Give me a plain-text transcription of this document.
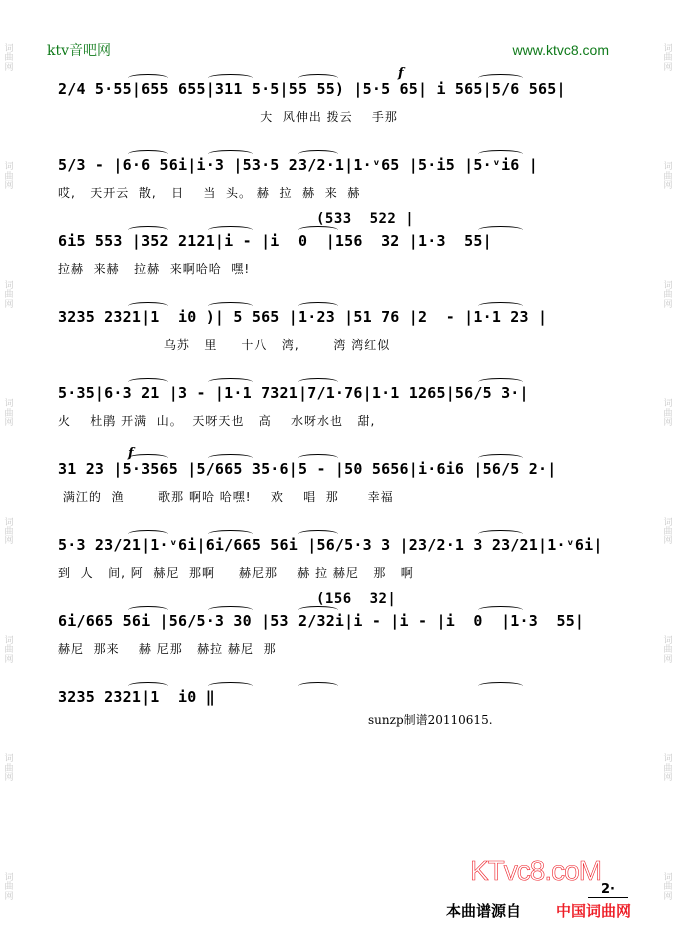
词
曲
网
词
曲
网
词
曲
网
词
曲
网
词
曲
网
词
曲
网
词
曲
网
词
曲
网
词
曲
网
词
曲
网
词
曲
网
词
曲
网
词
曲
网
词
曲
网
词
曲
网
词
曲
网
ktv音吧网	www.ktvc8.com
f
2/4 5·55|655 655|311 5·5|55 55) |5·5 65| i 565|5/6 565|
大  风伸出 拨云    手那
5/3 - |6·6 56i|i·3 |53·5 23/2·1|1·ᵛ65 |5·i5 |5·ᵛi6 |
哎,   天开云  散,   日    当  头。 赫  拉  赫  来  赫
(533  522 |
6i5 553 |352 2121|i - |i  0  |156  32 |1·3  55|
拉赫  来赫   拉赫  来啊哈哈  嘿!
3235 2321|1  i0 )| 5 565 |1·23 |51 76 |2  - |1·1 23 |
乌苏   里     十八   湾,       湾 湾红似
5·35|6·3 21 |3 - |1·1 7321|7/1·76|1·1 1265|56/5 3·|
火    杜鹃 开满  山。  天呀天也   高    水呀水也   甜,
f
31 23 |5·3565 |5/665 35·6|5 - |50 5656|i·6i6 |56/5 2·|
满江的  渔       歌那 啊哈 哈嘿!    欢    唱  那      幸福
5·3 23/21|1·ᵛ6i|6i/665 56i |56/5·3 3 |23/2·1 3 23/21|1·ᵛ6i|
到  人   间, 阿  赫尼  那啊     赫尼那    赫 拉 赫尼   那   啊
(156  32|
6i/665 56i |56/5·3 30 |53 2/32i|i - |i - |i  0  |1·3  55|
赫尼  那来    赫 尼那   赫拉 赫尼  那
3235 2321|1  i0 ‖
sunzp制谱20110615.
KTvc8.coM
2·
本曲谱源自 中国词曲网
